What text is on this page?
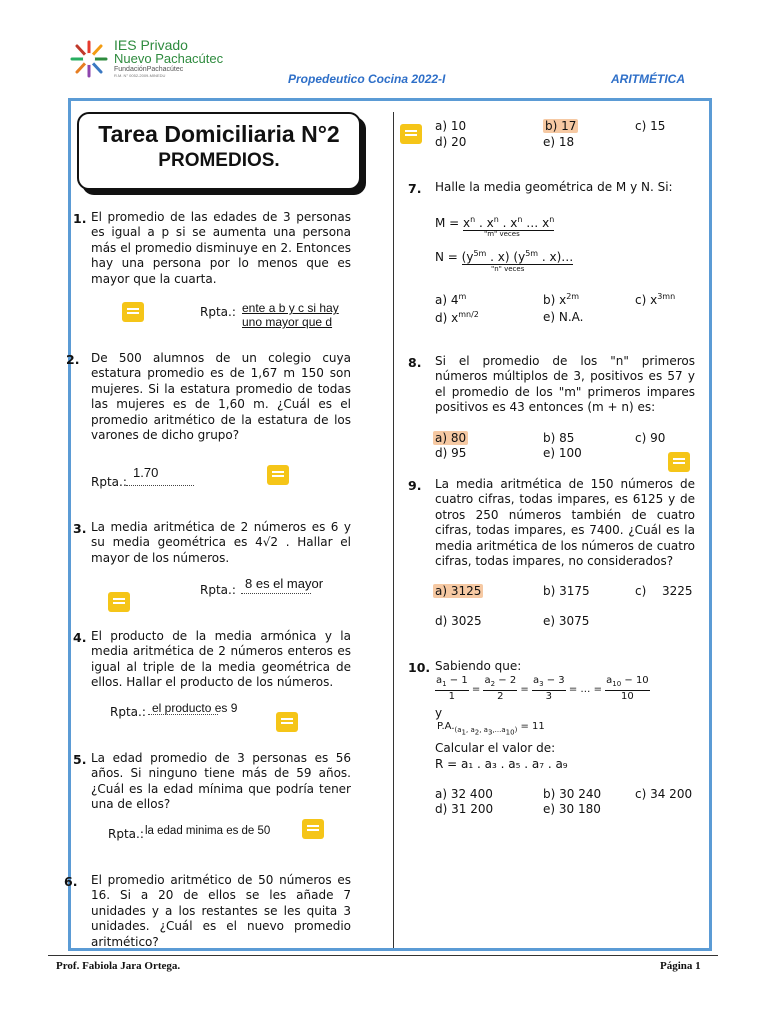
IES Privado
Nuevo Pachacútec
FundaciónPachacútec
R.M. N° 0052-2009-MINEDU	Propedeutico Cocina 2022-I	ARITMÉTICA
Tarea Domiciliaria N°2
PROMEDIOS.
1. El promedio de las edades de 3 personas es igual a p si se aumenta una persona más el promedio disminuye en 2. Entonces hay una persona por lo menos que es mayor que la cuarta.
Rpta.: ente a b y c si hay uno mayor que d
2. De 500 alumnos de un colegio cuya estatura promedio es de 1,67 m 150 son mujeres. Si la estatura promedio de todas las mujeres es de 1,60 m. ¿Cuál es el promedio aritmético de la estatura de los varones de dicho grupo?
Rpta.:
1.70
3. La media aritmética de 2 números es 6 y su media geométrica es 4√2 . Hallar el mayor de los números.
Rpta.: 8 es el mayor
4. El producto de la media armónica y la media aritmética de 2 números enteros es igual al triple de la media geométrica de ellos. Hallar el producto de los números.
Rpta.: el producto es 9
5. La edad promedio de 3 personas es 56 años. Si ninguno tiene más de 59 años. ¿Cuál es la edad mínima que podría tener una de ellos?
Rpta.: la edad minima es de 50
6. El promedio aritmético de 50 números es 16. Si a 20 de ellos se les añade 7 unidades y a los restantes se les quita 3 unidades. ¿Cuál es el nuevo promedio aritmético?
a) 10	b) 17	c) 15
d) 20	e) 18
7. Halle la media geométrica de M y N. Si:
$M = x^n$ . $x^n$ . $x^n$ … $x^n$
"m" veces
$N = (y^{5m}$ . x) ($y^{5m}$ . x)…
"n" veces
a) 4$^m$	b) $x^{2m}$	c) $x^{3mn}$
d) $x^{mn/2}$	e) N.A.
8. Si el promedio de los "n" primeros números múltiplos de 3, positivos es 57 y el promedio de los "m" primeros impares positivos es 43 entonces (m + n) es:
a) 80	b) 85	c) 90
d) 95	e) 100
9. La media aritmética de 150 números de cuatro cifras, todas impares, es 6125 y de otros 250 números también de cuatro cifras, todas impares, es 7400. ¿Cuál es la media aritmética de los números de cuatro cifras, todas impares, no considerados?
a) 3125	b) 3175	c) 3225
d) 3025	e) 3075
10. Sabiendo que:
$\frac{a_1 - 1}{1} = \frac{a_2 - 2}{2} = \frac{a_3 - 3}{3}$ = … = $\frac{a_{10} - 10}{10}$
y
$P.A._{(a_1, a_2, a_3,...a_{10})} = 11$
Calcular el valor de:
R = a₁ . a₃ . a₅ . a₇ . a₉
a) 32 400	b) 30 240	c) 34 200
d) 31 200	e) 30 180
Prof. Fabiola Jara Ortega.	Página 1
